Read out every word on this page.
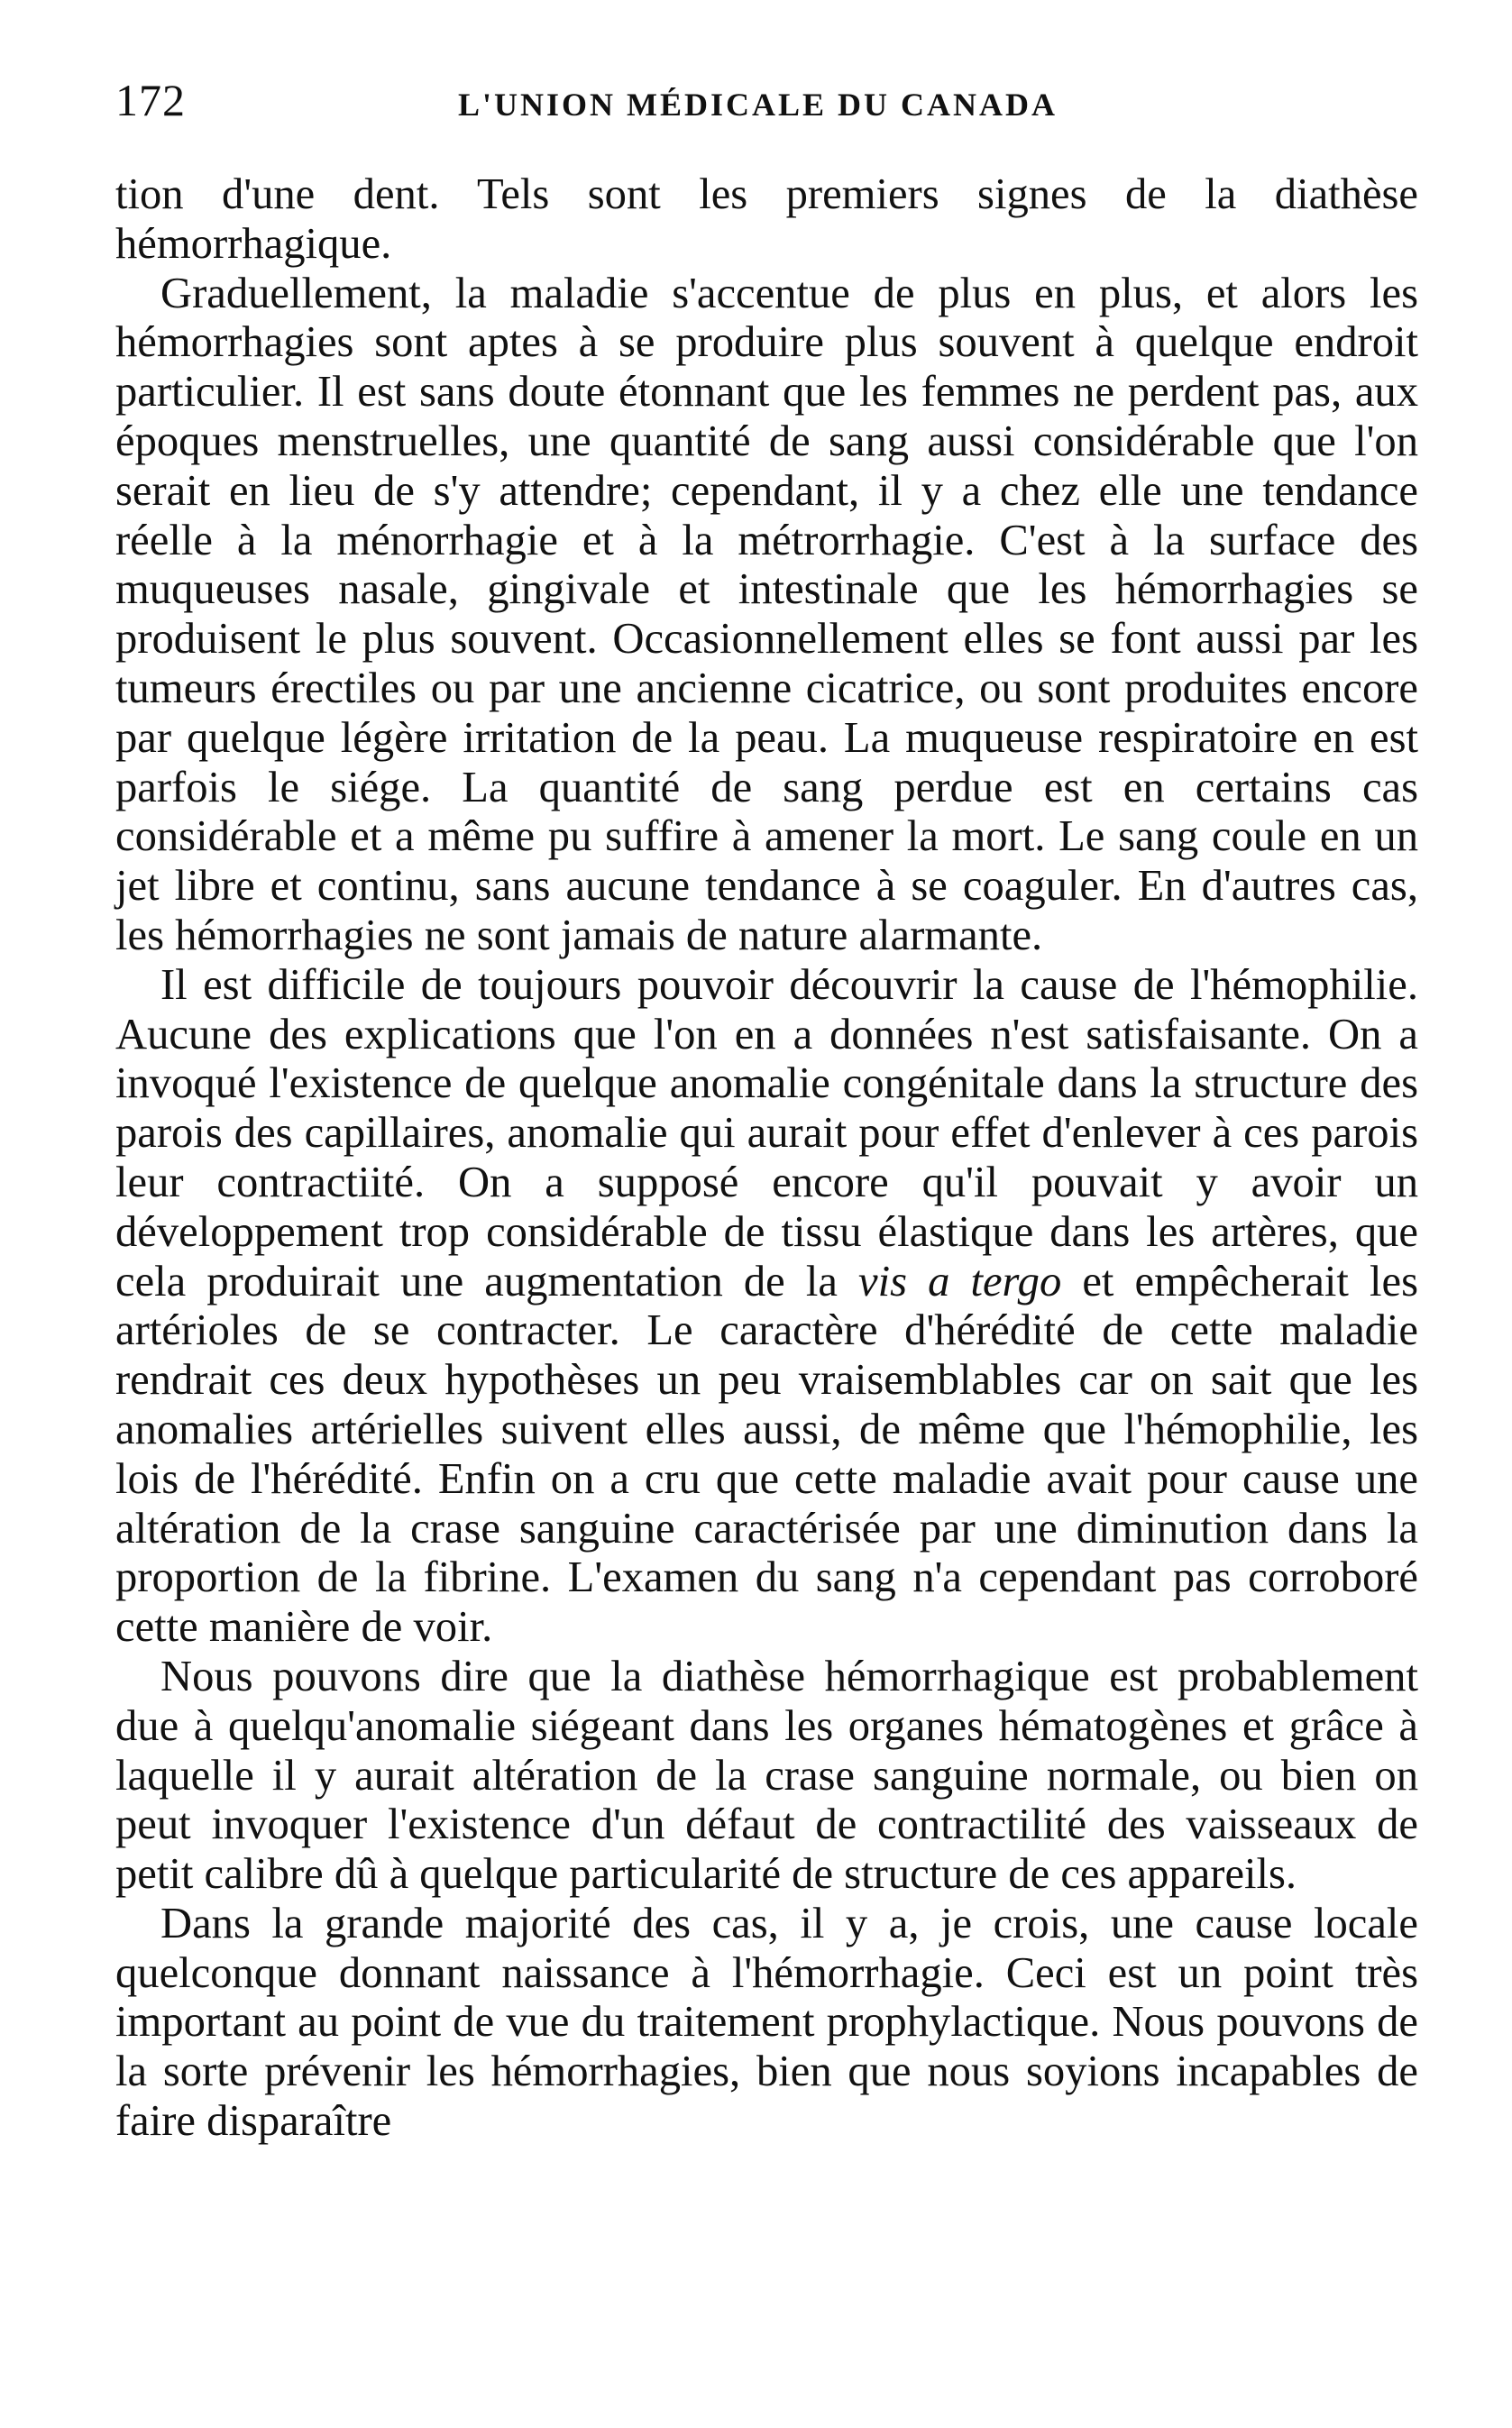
172	L'UNION MÉDICALE DU CANADA

tion d'une dent. Tels sont les premiers signes de la diathèse hémorrhagique.

Graduellement, la maladie s'accentue de plus en plus, et alors les hémorrhagies sont aptes à se produire plus souvent à quelque endroit particulier. Il est sans doute étonnant que les femmes ne perdent pas, aux époques menstruelles, une quantité de sang aussi considérable que l'on serait en lieu de s'y attendre; cependant, il y a chez elle une tendance réelle à la ménorrhagie et à la métrorrhagie. C'est à la surface des muqueuses nasale, gingivale et intestinale que les hémorrhagies se produisent le plus souvent. Occasionnellement elles se font aussi par les tumeurs érectiles ou par une ancienne cicatrice, ou sont produites encore par quelque légère irritation de la peau. La muqueuse respiratoire en est parfois le siége. La quantité de sang perdue est en certains cas considérable et a même pu suffire à amener la mort. Le sang coule en un jet libre et continu, sans aucune tendance à se coaguler. En d'autres cas, les hémorrhagies ne sont jamais de nature alarmante.

Il est difficile de toujours pouvoir découvrir la cause de l'hémophilie. Aucune des explications que l'on en a données n'est satisfaisante. On a invoqué l'existence de quelque anomalie congénitale dans la structure des parois des capillaires, anomalie qui aurait pour effet d'enlever à ces parois leur contractiité. On a supposé encore qu'il pouvait y avoir un développement trop considérable de tissu élastique dans les artères, que cela produirait une augmentation de la vis a tergo et empêcherait les artérioles de se contracter. Le caractère d'hérédité de cette maladie rendrait ces deux hypothèses un peu vraisemblables car on sait que les anomalies artérielles suivent elles aussi, de même que l'hémophilie, les lois de l'hérédité. Enfin on a cru que cette maladie avait pour cause une altération de la crase sanguine caractérisée par une diminution dans la proportion de la fibrine. L'examen du sang n'a cependant pas corroboré cette manière de voir.

Nous pouvons dire que la diathèse hémorrhagique est probablement due à quelqu'anomalie siégeant dans les organes hématogènes et grâce à laquelle il y aurait altération de la crase sanguine normale, ou bien on peut invoquer l'existence d'un défaut de contractilité des vaisseaux de petit calibre dû à quelque particularité de structure de ces appareils.

Dans la grande majorité des cas, il y a, je crois, une cause locale quelconque donnant naissance à l'hémorrhagie. Ceci est un point très important au point de vue du traitement prophylactique. Nous pouvons de la sorte prévenir les hémorrhagies, bien que nous soyions incapables de faire disparaître
